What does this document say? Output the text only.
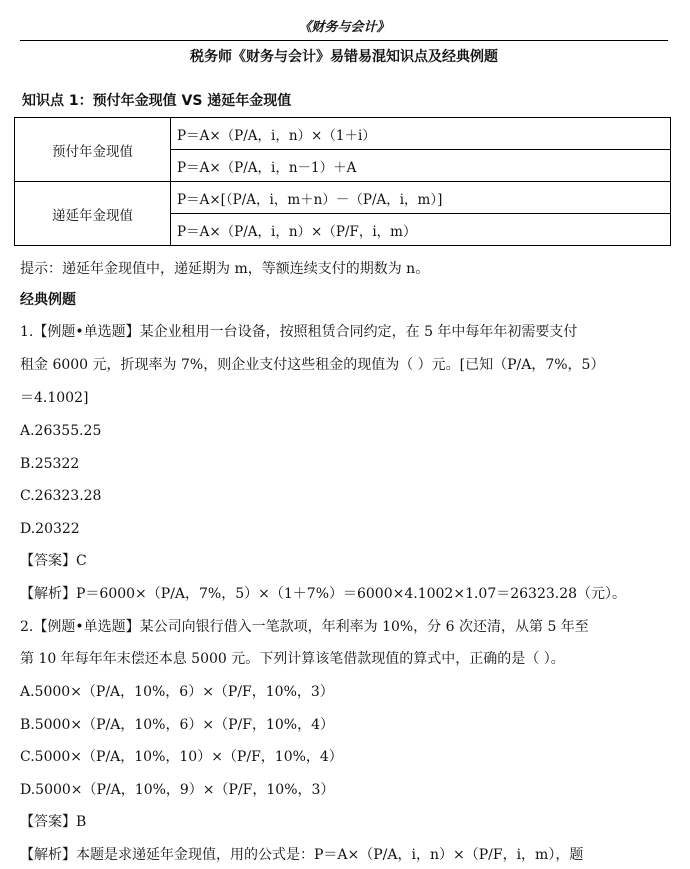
《财务与会计》
税务师《财务与会计》易错易混知识点及经典例题
知识点 1：预付年金现值 VS 递延年金现值
预付年金现值	P＝A×（P/A，i，n）×（1＋i）
	P＝A×（P/A，i，n－1）＋A
递延年金现值	P＝A×[（P/A，i，m＋n）－（P/A，i，m）]
	P＝A×（P/A，i，n）×（P/F，i，m）
提示：递延年金现值中，递延期为 m，等额连续支付的期数为 n。
经典例题
1.【例题•单选题】某企业租用一台设备，按照租赁合同约定，在 5 年中每年年初需要支付
租金 6000 元，折现率为 7%，则企业支付这些租金的现值为（ ）元。[已知（P/A，7%，5）
＝4.1002]
A.26355.25
B.25322
C.26323.28
D.20322
【答案】C
【解析】P＝6000×（P/A，7%，5）×（1＋7%）＝6000×4.1002×1.07＝26323.28（元）。
2.【例题•单选题】某公司向银行借入一笔款项，年利率为 10%，分 6 次还清，从第 5 年至
第 10 年每年年末偿还本息 5000 元。下列计算该笔借款现值的算式中，正确的是（ ）。
A.5000×（P/A，10%，6）×（P/F，10%，3）
B.5000×（P/A，10%，6）×（P/F，10%，4）
C.5000×（P/A，10%，10）×（P/F，10%，4）
D.5000×（P/A，10%，9）×（P/F，10%，3）
【答案】B
【解析】本题是求递延年金现值，用的公式是：P＝A×（P/A，i，n）×（P/F，i，m），题
